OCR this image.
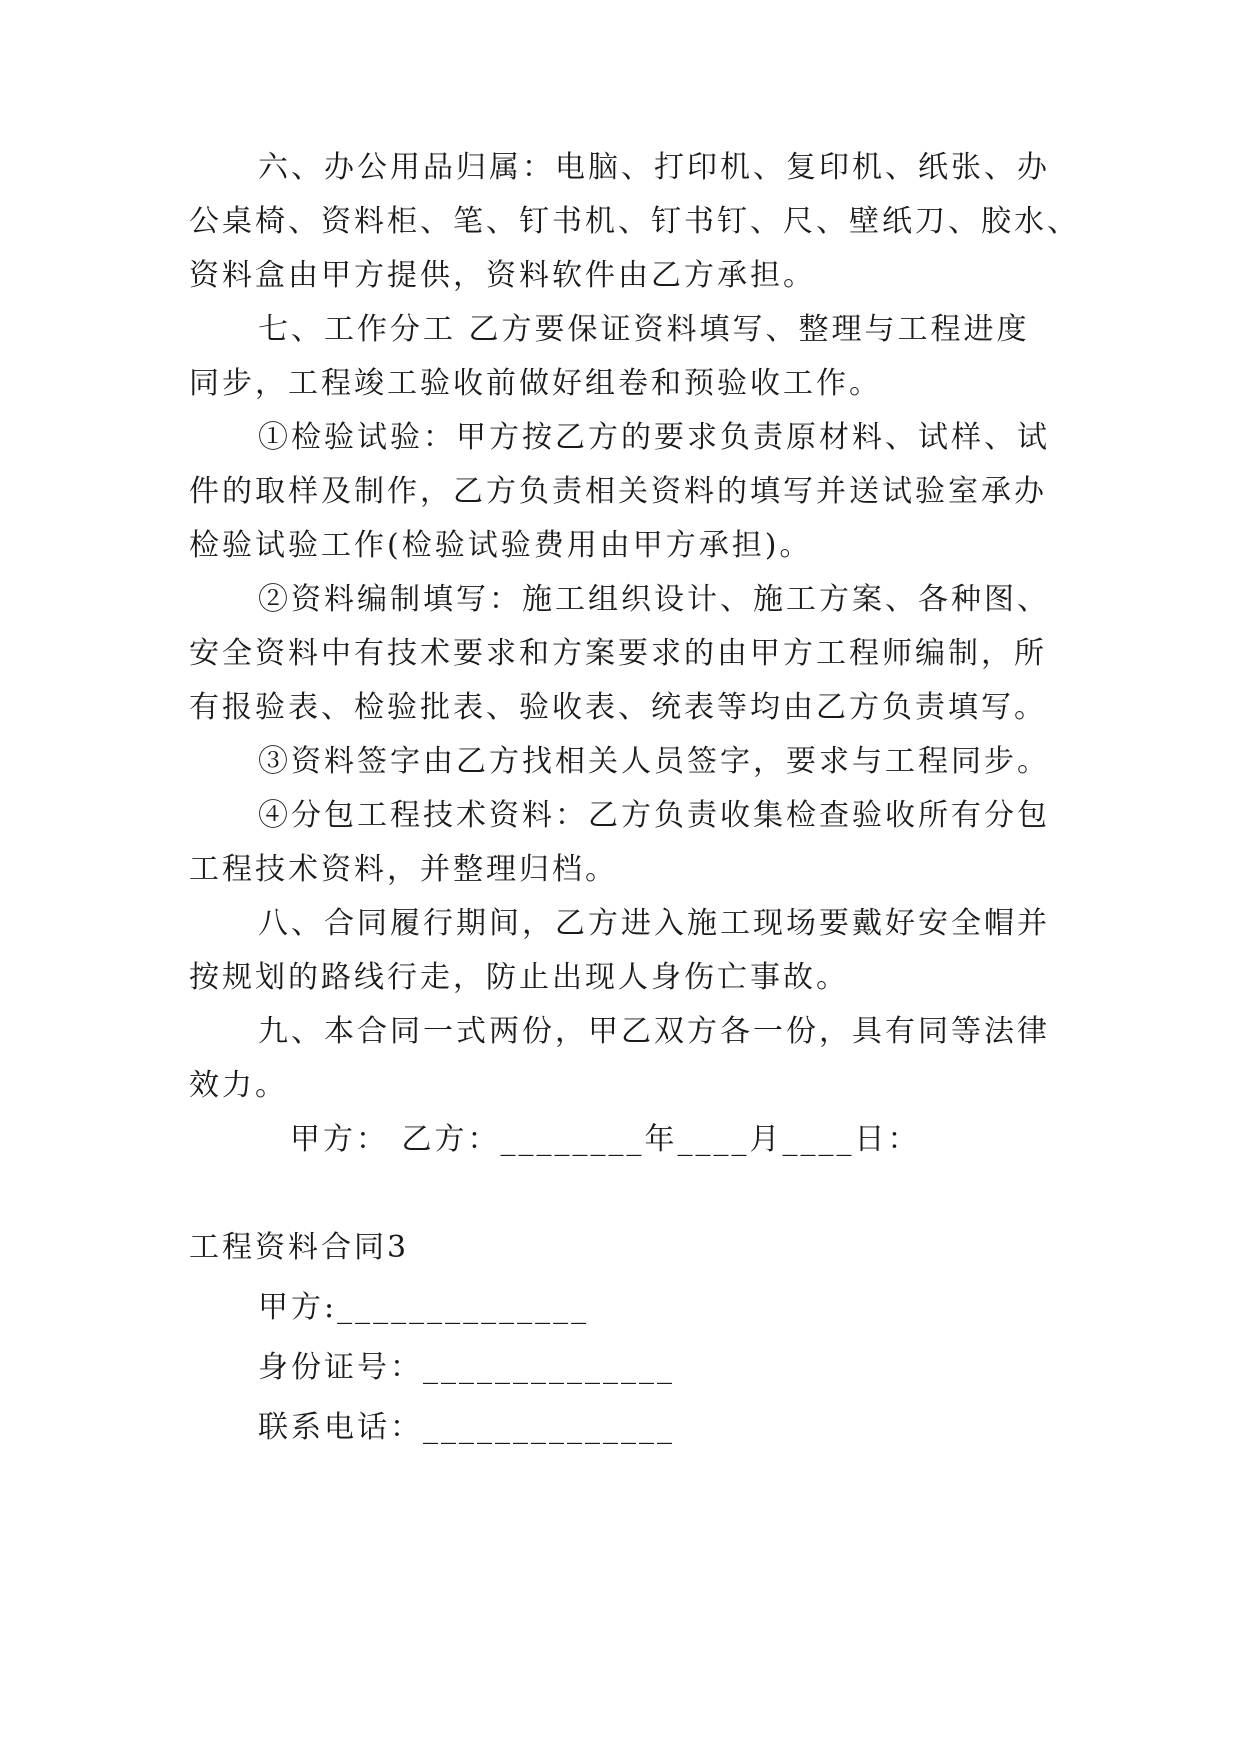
六、办公用品归属：电脑、打印机、复印机、纸张、办
公桌椅、资料柜、笔、钉书机、钉书钉、尺、壁纸刀、胶水、
资料盒由甲方提供，资料软件由乙方承担。
七、工作分工 乙方要保证资料填写、整理与工程进度
同步，工程竣工验收前做好组卷和预验收工作。
①检验试验：甲方按乙方的要求负责原材料、试样、试
件的取样及制作，乙方负责相关资料的填写并送试验室承办
检验试验工作(检验试验费用由甲方承担)。
②资料编制填写：施工组织设计、施工方案、各种图、
安全资料中有技术要求和方案要求的由甲方工程师编制，所
有报验表、检验批表、验收表、统表等均由乙方负责填写。
③资料签字由乙方找相关人员签字，要求与工程同步。
④分包工程技术资料：乙方负责收集检查验收所有分包
工程技术资料，并整理归档。
八、合同履行期间，乙方进入施工现场要戴好安全帽并
按规划的路线行走，防止出现人身伤亡事故。
九、本合同一式两份，甲乙双方各一份，具有同等法律
效力。
甲方： 乙方：________年____月____日：
工程资料合同3
甲方:______________
身份证号：______________
联系电话：______________
